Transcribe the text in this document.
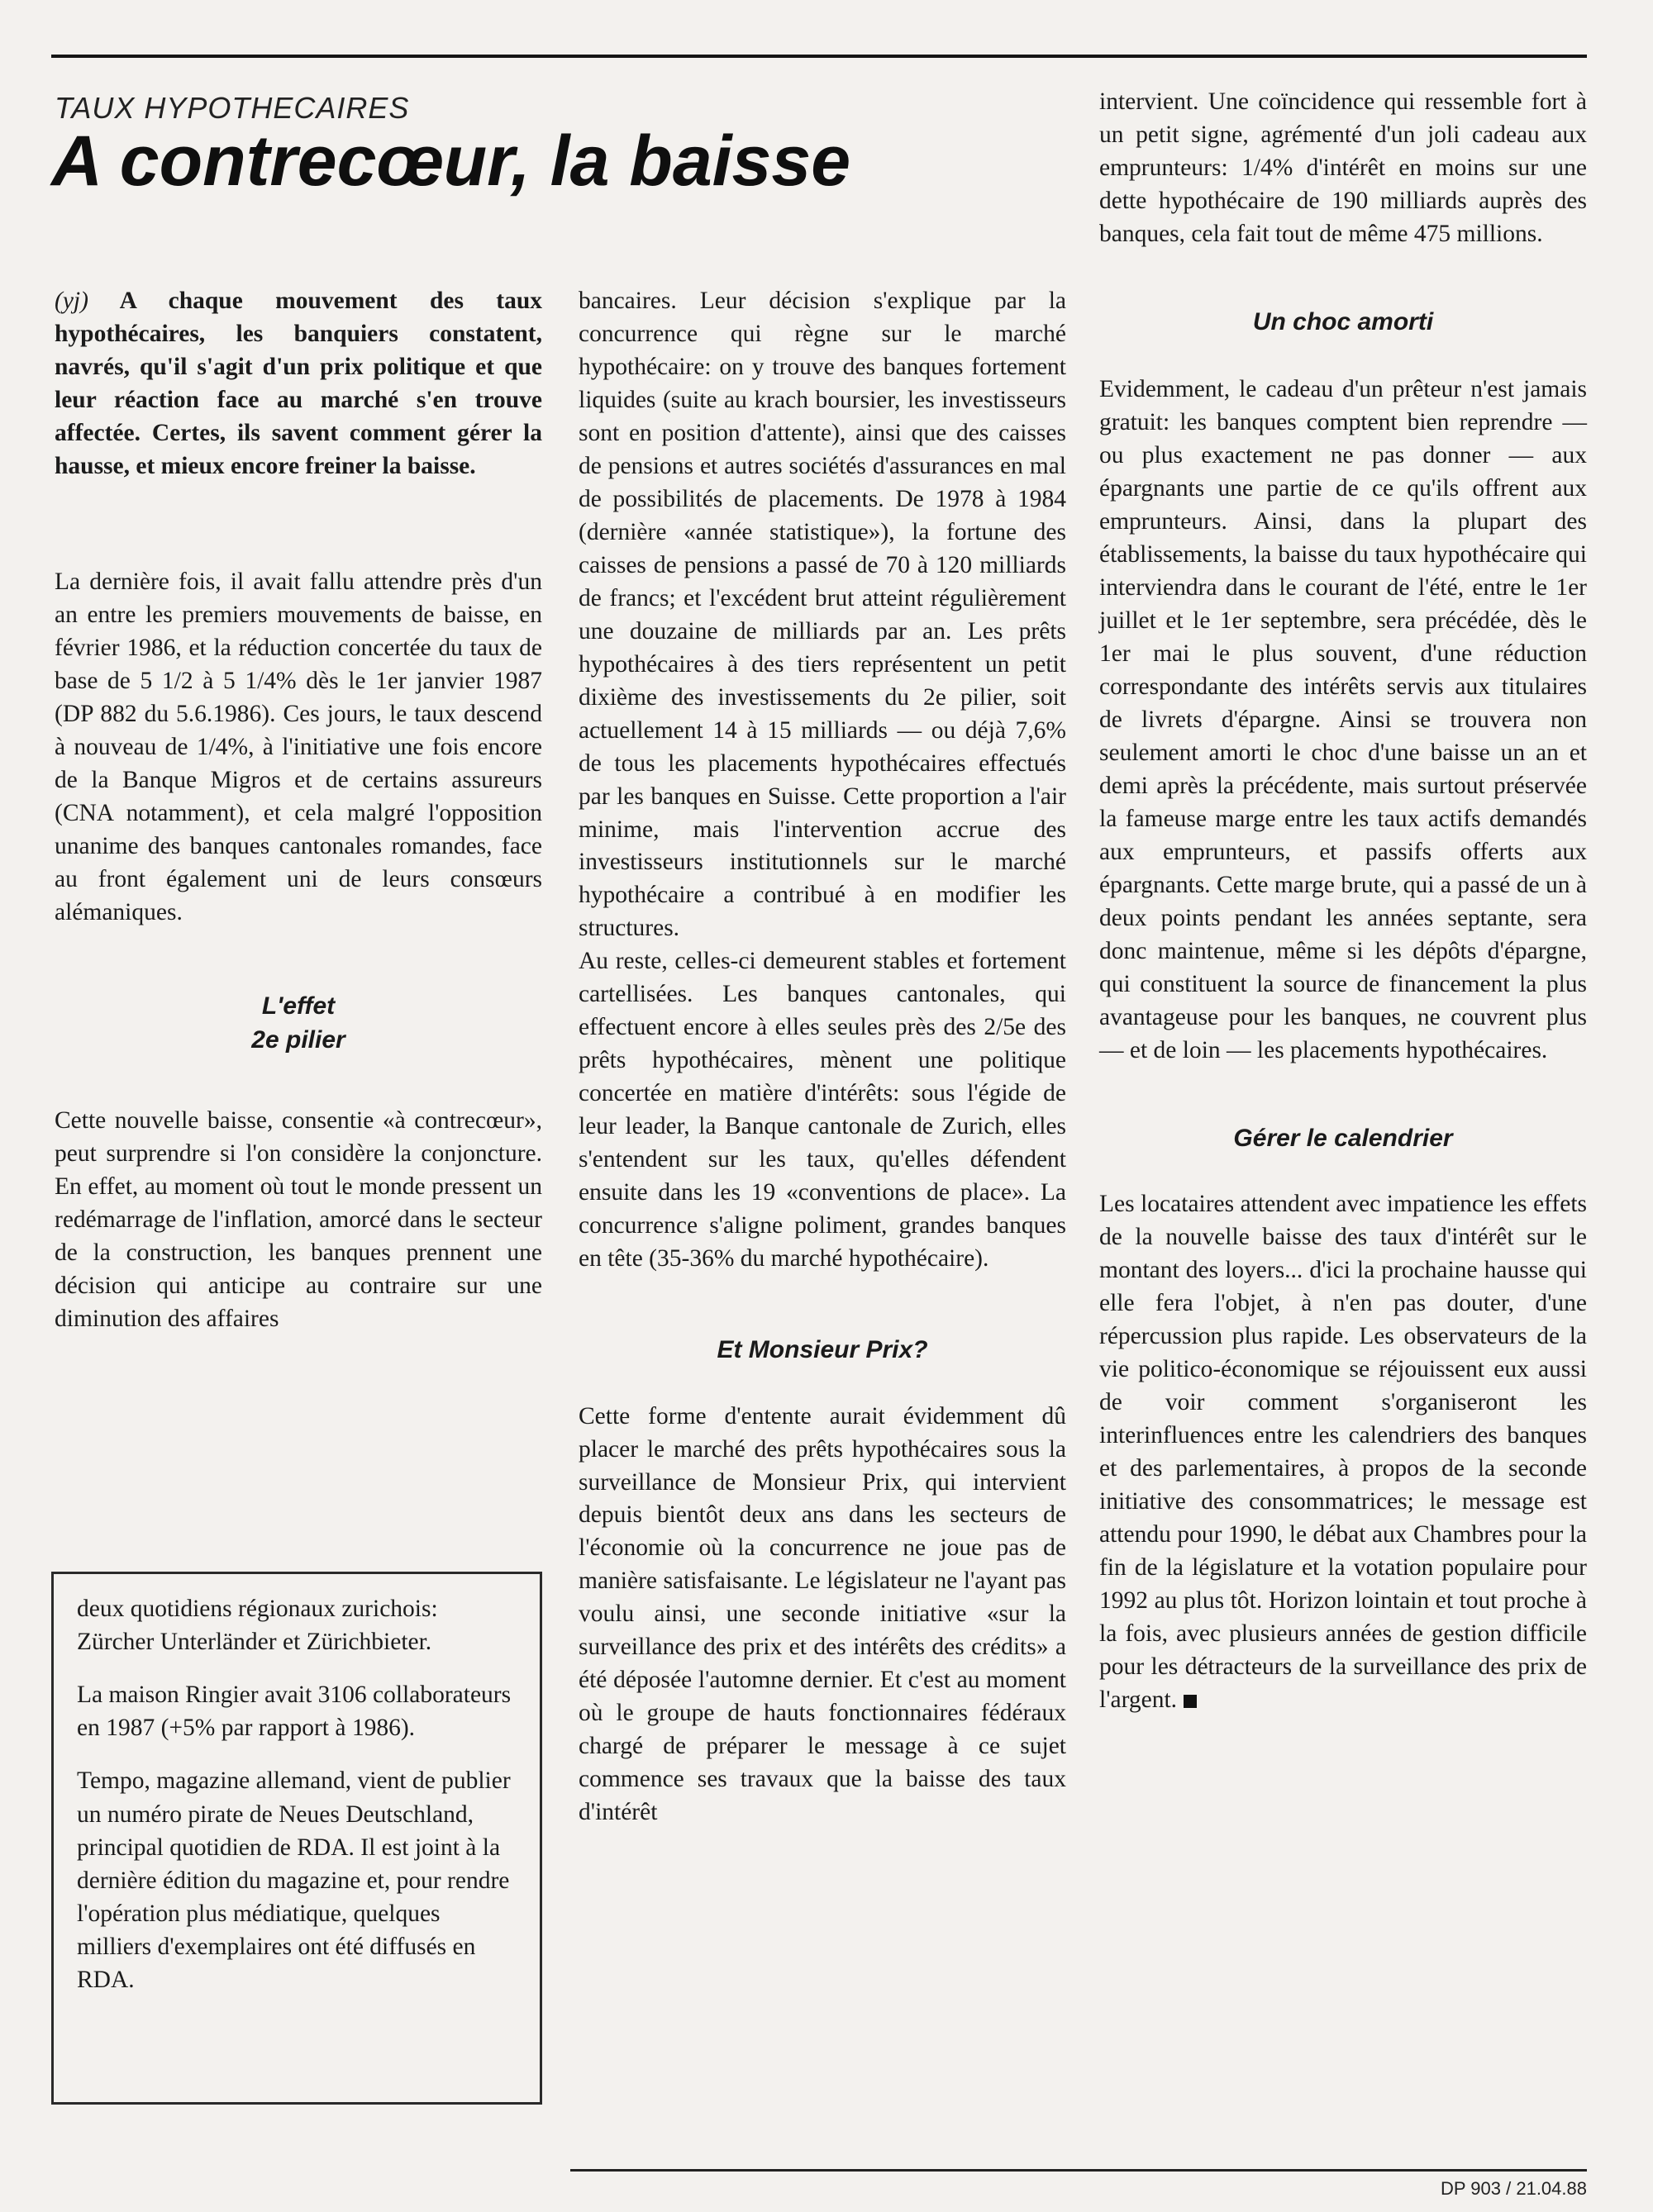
TAUX HYPOTHECAIRES
A contrecœur, la baisse

(yj) A chaque mouvement des taux hypothécaires, les banquiers constatent, navrés, qu'il s'agit d'un prix politique et que leur réaction face au marché s'en trouve affectée. Certes, ils savent comment gérer la hausse, et mieux encore freiner la baisse.

La dernière fois, il avait fallu attendre près d'un an entre les premiers mouvements de baisse, en février 1986, et la réduction concertée du taux de base de 5 1/2 à 5 1/4% dès le 1er janvier 1987 (DP 882 du 5.6.1986). Ces jours, le taux descend à nouveau de 1/4%, à l'initiative une fois encore de la Banque Migros et de certains assureurs (CNA notamment), et cela malgré l'opposition unanime des banques cantonales romandes, face au front également uni de leurs consœurs alémaniques.

L'effet
2e pilier

Cette nouvelle baisse, consentie «à contrecœur», peut surprendre si l'on considère la conjoncture. En effet, au moment où tout le monde pressent un redémarrage de l'inflation, amorcé dans le secteur de la construction, les banques prennent une décision qui anticipe au contraire sur une diminution des affaires

deux quotidiens régionaux zurichois: Zürcher Unterländer et Zürichbieter.

La maison Ringier avait 3106 collaborateurs en 1987 (+5% par rapport à 1986).

Tempo, magazine allemand, vient de publier un numéro pirate de Neues Deutschland, principal quotidien de RDA. Il est joint à la dernière édition du magazine et, pour rendre l'opération plus médiatique, quelques milliers d'exemplaires ont été diffusés en RDA.

bancaires. Leur décision s'explique par la concurrence qui règne sur le marché hypothécaire: on y trouve des banques fortement liquides (suite au krach boursier, les investisseurs sont en position d'attente), ainsi que des caisses de pensions et autres sociétés d'assurances en mal de possibilités de placements. De 1978 à 1984 (dernière «année statistique»), la fortune des caisses de pensions a passé de 70 à 120 milliards de francs; et l'excédent brut atteint régulièrement une douzaine de milliards par an. Les prêts hypothécaires à des tiers représentent un petit dixième des investissements du 2e pilier, soit actuellement 14 à 15 milliards — ou déjà 7,6% de tous les placements hypothécaires effectués par les banques en Suisse. Cette proportion a l'air minime, mais l'intervention accrue des investisseurs institutionnels sur le marché hypothécaire a contribué à en modifier les structures.

Au reste, celles-ci demeurent stables et fortement cartellisées. Les banques cantonales, qui effectuent encore à elles seules près des 2/5e des prêts hypothécaires, mènent une politique concertée en matière d'intérêts: sous l'égide de leur leader, la Banque cantonale de Zurich, elles s'entendent sur les taux, qu'elles défendent ensuite dans les 19 «conventions de place». La concurrence s'aligne poliment, grandes banques en tête (35-36% du marché hypothécaire).

Et Monsieur Prix?

Cette forme d'entente aurait évidemment dû placer le marché des prêts hypothécaires sous la surveillance de Monsieur Prix, qui intervient depuis bientôt deux ans dans les secteurs de l'économie où la concurrence ne joue pas de manière satisfaisante. Le législateur ne l'ayant pas voulu ainsi, une seconde initiative «sur la surveillance des prix et des intérêts des crédits» a été déposée l'automne dernier. Et c'est au moment où le groupe de hauts fonctionnaires fédéraux chargé de préparer le message à ce sujet commence ses travaux que la baisse des taux d'intérêt

intervient. Une coïncidence qui ressemble fort à un petit signe, agrémenté d'un joli cadeau aux emprunteurs: 1/4% d'intérêt en moins sur une dette hypothécaire de 190 milliards auprès des banques, cela fait tout de même 475 millions.

Un choc amorti

Evidemment, le cadeau d'un prêteur n'est jamais gratuit: les banques comptent bien reprendre — ou plus exactement ne pas donner — aux épargnants une partie de ce qu'ils offrent aux emprunteurs. Ainsi, dans la plupart des établissements, la baisse du taux hypothécaire qui interviendra dans le courant de l'été, entre le 1er juillet et le 1er septembre, sera précédée, dès le 1er mai le plus souvent, d'une réduction correspondante des intérêts servis aux titulaires de livrets d'épargne. Ainsi se trouvera non seulement amorti le choc d'une baisse un an et demi après la précédente, mais surtout préservée la fameuse marge entre les taux actifs demandés aux emprunteurs, et passifs offerts aux épargnants. Cette marge brute, qui a passé de un à deux points pendant les années septante, sera donc maintenue, même si les dépôts d'épargne, qui constituent la source de financement la plus avantageuse pour les banques, ne couvrent plus — et de loin — les placements hypothécaires.

Gérer le calendrier

Les locataires attendent avec impatience les effets de la nouvelle baisse des taux d'intérêt sur le montant des loyers... d'ici la prochaine hausse qui elle fera l'objet, à n'en pas douter, d'une répercussion plus rapide. Les observateurs de la vie politico-économique se réjouissent eux aussi de voir comment s'organiseront les interinfluences entre les calendriers des banques et des parlementaires, à propos de la seconde initiative des consommatrices; le message est attendu pour 1990, le débat aux Chambres pour la fin de la législature et la votation populaire pour 1992 au plus tôt. Horizon lointain et tout proche à la fois, avec plusieurs années de gestion difficile pour les détracteurs de la surveillance des prix de l'argent.

DP 903 / 21.04.88
